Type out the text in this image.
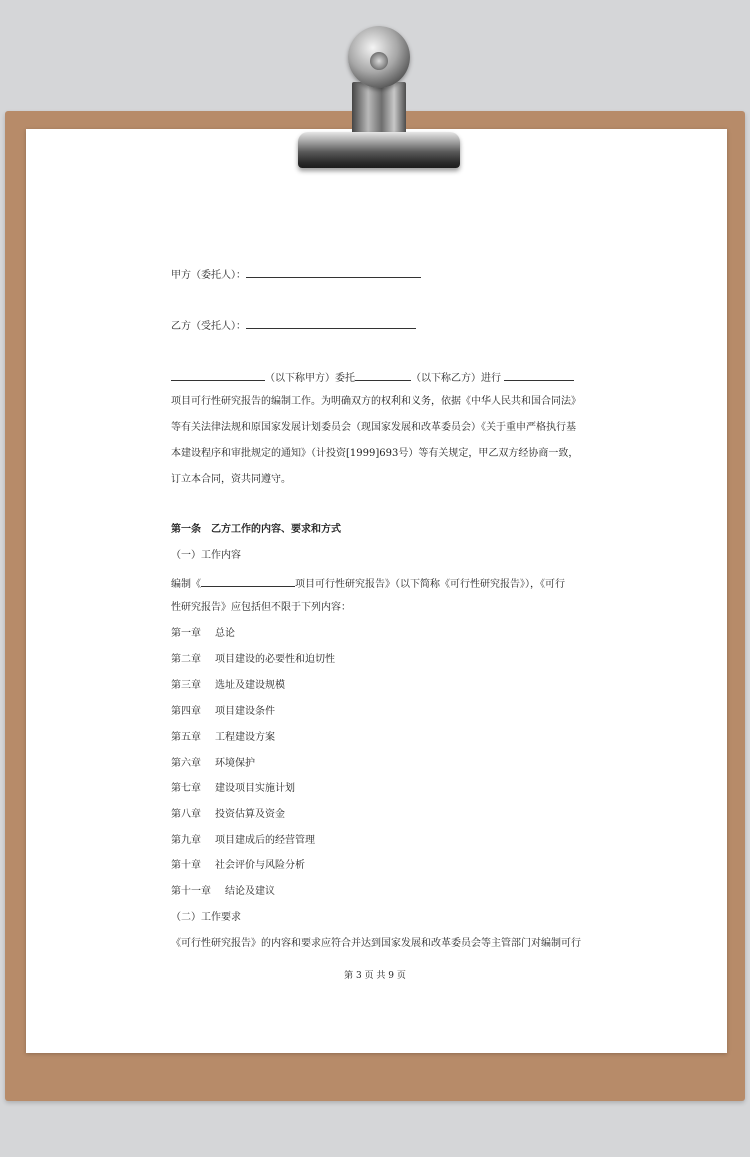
甲方（委托人）：
乙方（受托人）：
（以下称甲方）委托	（以下称乙方）进行
项目可行性研究报告的编制工作。为明确双方的权利和义务，依据《中华人民共和国合同法》
等有关法律法规和原国家发展计划委员会（现国家发展和改革委员会）《关于重申严格执行基
本建设程序和审批规定的通知》（计投资[1999]693号）等有关规定，甲乙双方经协商一致，
订立本合同，资共同遵守。
第一条　乙方工作的内容、要求和方式
（一）工作内容
编制《	项目可行性研究报告》（以下简称《可行性研究报告》），《可行
性研究报告》应包括但不限于下列内容：
第一章 总论
第二章 项目建设的必要性和迫切性
第三章 选址及建设规模
第四章 项目建设条件
第五章 工程建设方案
第六章 环境保护
第七章 建设项目实施计划
第八章 投资估算及资金
第九章 项目建成后的经营管理
第十章 社会评价与风险分析
第十一章 结论及建议
（二）工作要求
《可行性研究报告》的内容和要求应符合并达到国家发展和改革委员会等主管部门对编制可行
第 3 页 共 9 页
